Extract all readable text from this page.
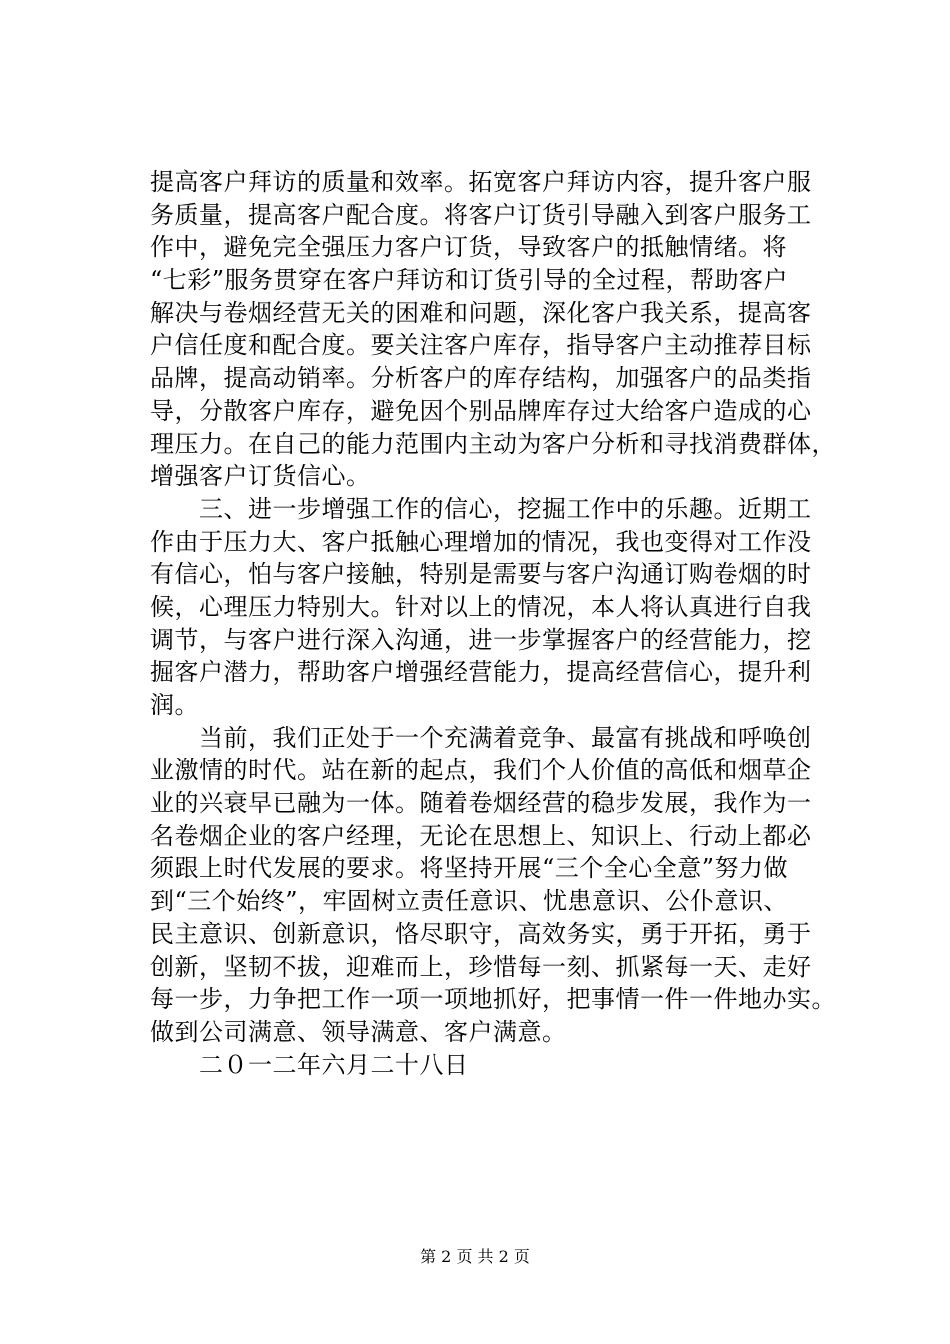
提高客户拜访的质量和效率。拓宽客户拜访内容，提升客户服
务质量，提高客户配合度。将客户订货引导融入到客户服务工
作中，避免完全强压力客户订货，导致客户的抵触情绪。将
“七彩”服务贯穿在客户拜访和订货引导的全过程，帮助客户
解决与卷烟经营无关的困难和问题，深化客户我关系，提高客
户信任度和配合度。要关注客户库存，指导客户主动推荐目标
品牌，提高动销率。分析客户的库存结构，加强客户的品类指
导，分散客户库存，避免因个别品牌库存过大给客户造成的心
理压力。在自己的能力范围内主动为客户分析和寻找消费群体，
增强客户订货信心。
　　三、进一步增强工作的信心，挖掘工作中的乐趣。近期工
作由于压力大、客户抵触心理增加的情况，我也变得对工作没
有信心，怕与客户接触，特别是需要与客户沟通订购卷烟的时
候，心理压力特别大。针对以上的情况，本人将认真进行自我
调节，与客户进行深入沟通，进一步掌握客户的经营能力，挖
掘客户潜力，帮助客户增强经营能力，提高经营信心，提升利
润。
　　当前，我们正处于一个充满着竞争、最富有挑战和呼唤创
业激情的时代。站在新的起点，我们个人价值的高低和烟草企
业的兴衰早已融为一体。随着卷烟经营的稳步发展，我作为一
名卷烟企业的客户经理，无论在思想上、知识上、行动上都必
须跟上时代发展的要求。将坚持开展“三个全心全意”努力做
到“三个始终”，牢固树立责任意识、忧患意识、公仆意识、
民主意识、创新意识，恪尽职守，高效务实，勇于开拓，勇于
创新，坚韧不拔，迎难而上，珍惜每一刻、抓紧每一天、走好
每一步，力争把工作一项一项地抓好，把事情一件一件地办实。
做到公司满意、领导满意、客户满意。
　　二０一二年六月二十八日
第 2 页 共 2 页
